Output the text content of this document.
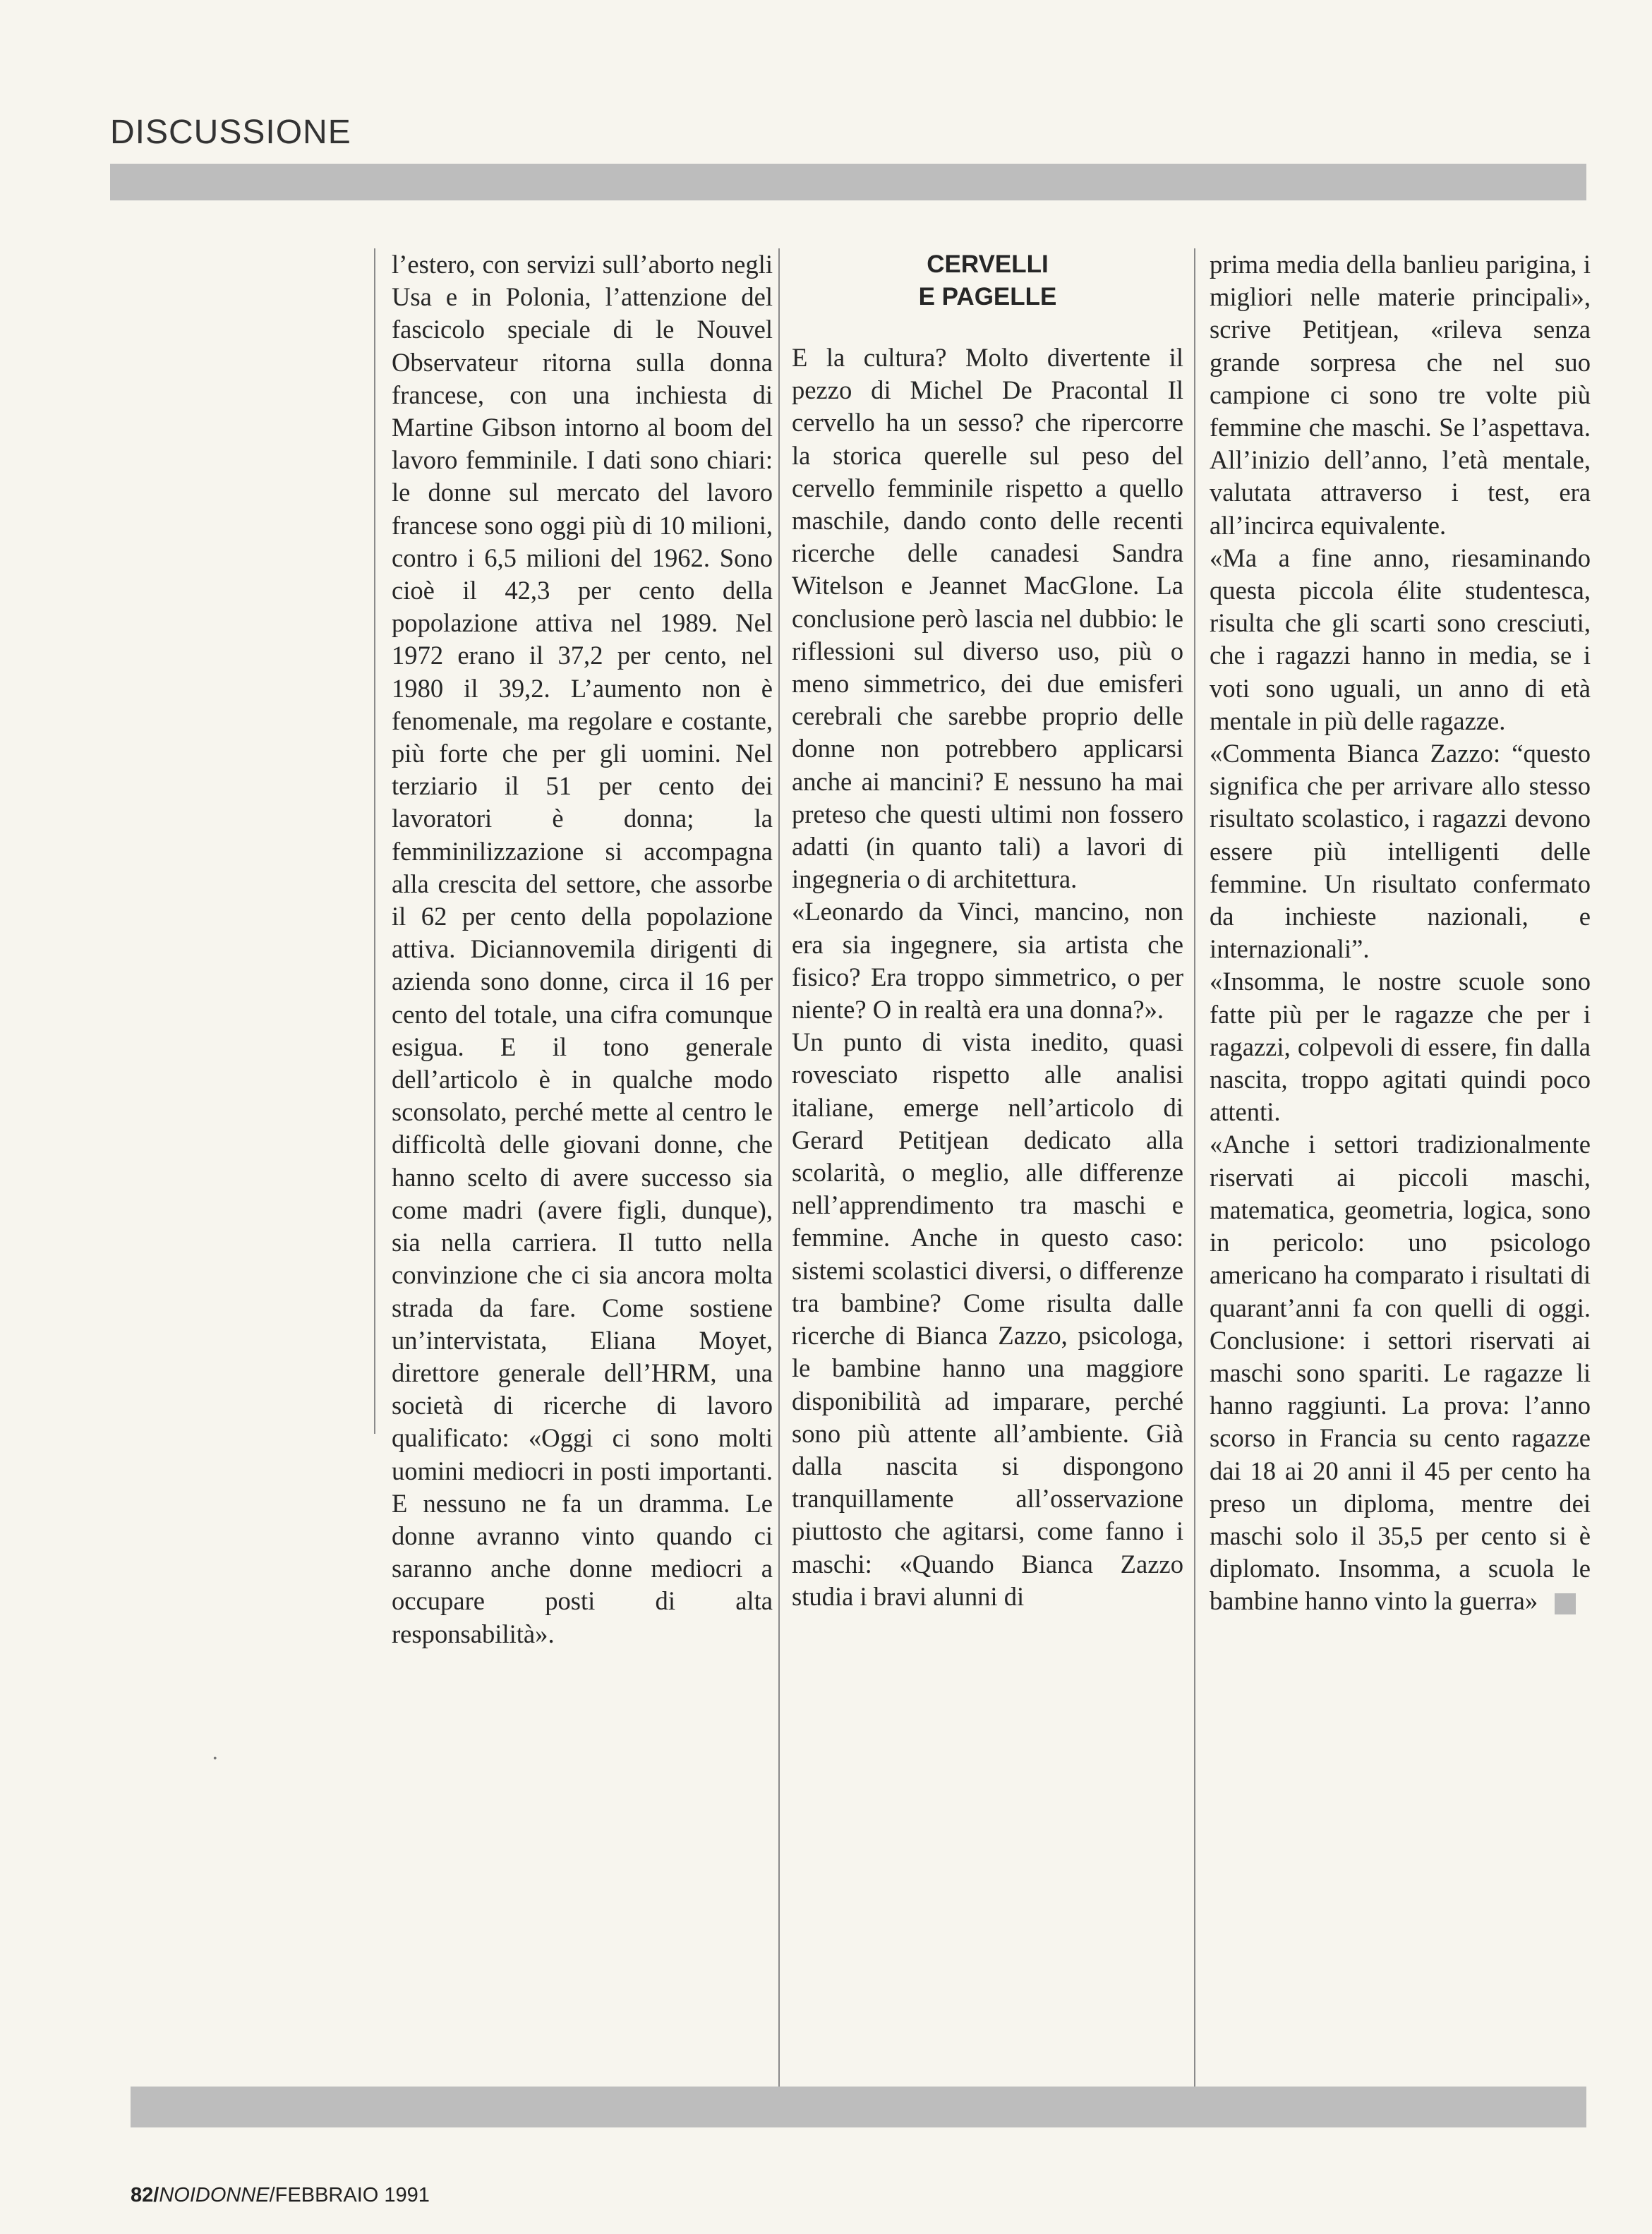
DISCUSSIONE

l’estero, con servizi sull’aborto negli Usa e in Polonia, l’attenzione del fascicolo speciale di le Nouvel Observateur ritorna sulla donna francese, con una inchiesta di Martine Gibson intorno al boom del lavoro femminile. I dati sono chiari: le donne sul mercato del lavoro francese sono oggi più di 10 milioni, contro i 6,5 milioni del 1962. Sono cioè il 42,3 per cento della popolazione attiva nel 1989. Nel 1972 erano il 37,2 per cento, nel 1980 il 39,2. L’aumento non è fenomenale, ma regolare e costante, più forte che per gli uomini. Nel terziario il 51 per cento dei lavoratori è donna; la femminilizzazione si accompagna alla crescita del settore, che assorbe il 62 per cento della popolazione attiva. Diciannovemila dirigenti di azienda sono donne, circa il 16 per cento del totale, una cifra comunque esigua. E il tono generale dell’articolo è in qualche modo sconsolato, perché mette al centro le difficoltà delle giovani donne, che hanno scelto di avere successo sia come madri (avere figli, dunque), sia nella carriera. Il tutto nella convinzione che ci sia ancora molta strada da fare. Come sostiene un’intervistata, Eliana Moyet, direttore generale dell’HRM, una società di ricerche di lavoro qualificato: «Oggi ci sono molti uomini mediocri in posti importanti. E nessuno ne fa un dramma. Le donne avranno vinto quando ci saranno anche donne mediocri a occupare posti di alta responsabilità».

CERVELLI
E PAGELLE

E la cultura? Molto divertente il pezzo di Michel De Pracontal Il cervello ha un sesso? che ripercorre la storica querelle sul peso del cervello femminile rispetto a quello maschile, dando conto delle recenti ricerche delle canadesi Sandra Witelson e Jeannet MacGlone. La conclusione però lascia nel dubbio: le riflessioni sul diverso uso, più o meno simmetrico, dei due emisferi cerebrali che sarebbe proprio delle donne non potrebbero applicarsi anche ai mancini? E nessuno ha mai preteso che questi ultimi non fossero adatti (in quanto tali) a lavori di ingegneria o di architettura.

«Leonardo da Vinci, mancino, non era sia ingegnere, sia artista che fisico? Era troppo simmetrico, o per niente? O in realtà era una donna?».

Un punto di vista inedito, quasi rovesciato rispetto alle analisi italiane, emerge nell’articolo di Gerard Petitjean dedicato alla scolarità, o meglio, alle differenze nell’apprendimento tra maschi e femmine. Anche in questo caso: sistemi scolastici diversi, o differenze tra bambine? Come risulta dalle ricerche di Bianca Zazzo, psicologa, le bambine hanno una maggiore disponibilità ad imparare, perché sono più attente all’ambiente. Già dalla nascita si dispongono tranquillamente all’osservazione piuttosto che agitarsi, come fanno i maschi: «Quando Bianca Zazzo studia i bravi alunni di

prima media della banlieu parigina, i migliori nelle materie principali», scrive Petitjean, «rileva senza grande sorpresa che nel suo campione ci sono tre volte più femmine che maschi. Se l’aspettava. All’inizio dell’anno, l’età mentale, valutata attraverso i test, era all’incirca equivalente.

«Ma a fine anno, riesaminando questa piccola élite studentesca, risulta che gli scarti sono cresciuti, che i ragazzi hanno in media, se i voti sono uguali, un anno di età mentale in più delle ragazze.

«Commenta Bianca Zazzo: “questo significa che per arrivare allo stesso risultato scolastico, i ragazzi devono essere più intelligenti delle femmine. Un risultato confermato da inchieste nazionali, e internazionali”.

«Insomma, le nostre scuole sono fatte più per le ragazze che per i ragazzi, colpevoli di essere, fin dalla nascita, troppo agitati quindi poco attenti.

«Anche i settori tradizionalmente riservati ai piccoli maschi, matematica, geometria, logica, sono in pericolo: uno psicologo americano ha comparato i risultati di quarant’anni fa con quelli di oggi. Conclusione: i settori riservati ai maschi sono spariti. Le ragazze li hanno raggiunti. La prova: l’anno scorso in Francia su cento ragazze dai 18 ai 20 anni il 45 per cento ha preso un diploma, mentre dei maschi solo il 35,5 per cento si è diplomato. Insomma, a scuola le bambine hanno vinto la guerra»

82/NOIDONNE/FEBBRAIO 1991
·
